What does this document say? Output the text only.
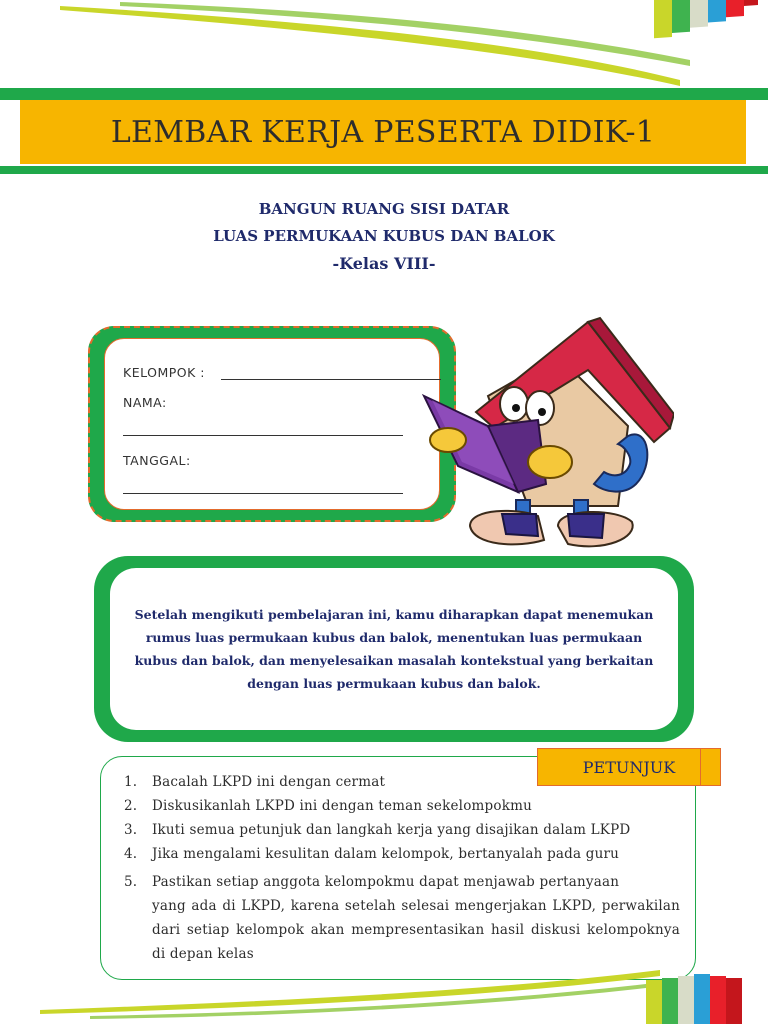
LEMBAR KERJA PESERTA DIDIK-1
BANGUN RUANG SISI DATAR
LUAS PERMUKAAN KUBUS DAN BALOK
-Kelas VIII-
KELOMPOK :
NAMA:
TANGGAL:
Setelah mengikuti pembelajaran ini, kamu diharapkan dapat menemukan rumus luas permukaan kubus dan balok, menentukan luas permukaan kubus dan balok, dan menyelesaikan masalah kontekstual yang berkaitan dengan luas permukaan kubus dan balok.
PETUNJUK
1. Bacalah LKPD ini dengan cermat
2. Diskusikanlah LKPD ini dengan teman sekelompokmu
3. Ikuti semua petunjuk dan langkah kerja yang disajikan dalam LKPD
4. Jika mengalami kesulitan dalam kelompok, bertanyalah pada guru
5. Pastikan setiap anggota kelompokmu dapat menjawab pertanyaan
yang ada di LKPD, karena setelah selesai mengerjakan LKPD, perwakilan dari setiap kelompok akan mempresentasikan hasil diskusi kelompoknya di depan kelas
